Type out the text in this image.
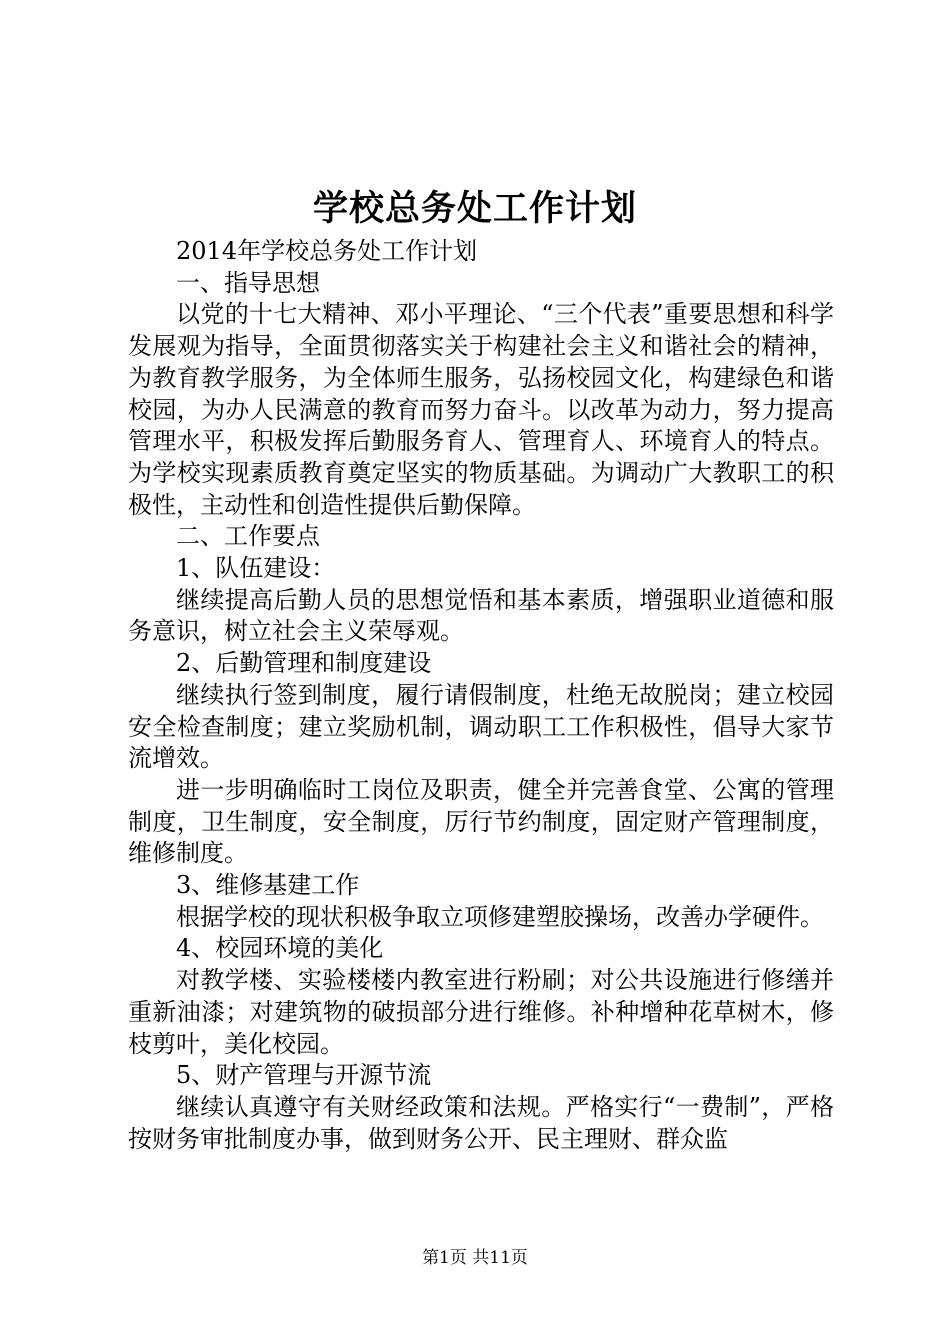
学校总务处工作计划

2014年学校总务处工作计划

一、指导思想

以党的十七大精神、邓小平理论、“三个代表”重要思想和科学发展观为指导，全面贯彻落实关于构建社会主义和谐社会的精神，为教育教学服务，为全体师生服务，弘扬校园文化，构建绿色和谐校园，为办人民满意的教育而努力奋斗。以改革为动力，努力提高管理水平，积极发挥后勤服务育人、管理育人、环境育人的特点。为学校实现素质教育奠定坚实的物质基础。为调动广大教职工的积极性，主动性和创造性提供后勤保障。

二、工作要点

1、队伍建设：

继续提高后勤人员的思想觉悟和基本素质，增强职业道德和服务意识，树立社会主义荣辱观。

2、后勤管理和制度建设

继续执行签到制度，履行请假制度，杜绝无故脱岗；建立校园安全检查制度；建立奖励机制，调动职工工作积极性，倡导大家节流增效。

进一步明确临时工岗位及职责，健全并完善食堂、公寓的管理制度，卫生制度，安全制度，厉行节约制度，固定财产管理制度，维修制度。

3、维修基建工作

根据学校的现状积极争取立项修建塑胶操场，改善办学硬件。

4、校园环境的美化

对教学楼、实验楼楼内教室进行粉刷；对公共设施进行修缮并重新油漆；对建筑物的破损部分进行维修。补种增种花草树木，修枝剪叶，美化校园。

5、财产管理与开源节流

继续认真遵守有关财经政策和法规。严格实行“一费制”，严格按财务审批制度办事，做到财务公开、民主理财、群众监

第1页 共11页
